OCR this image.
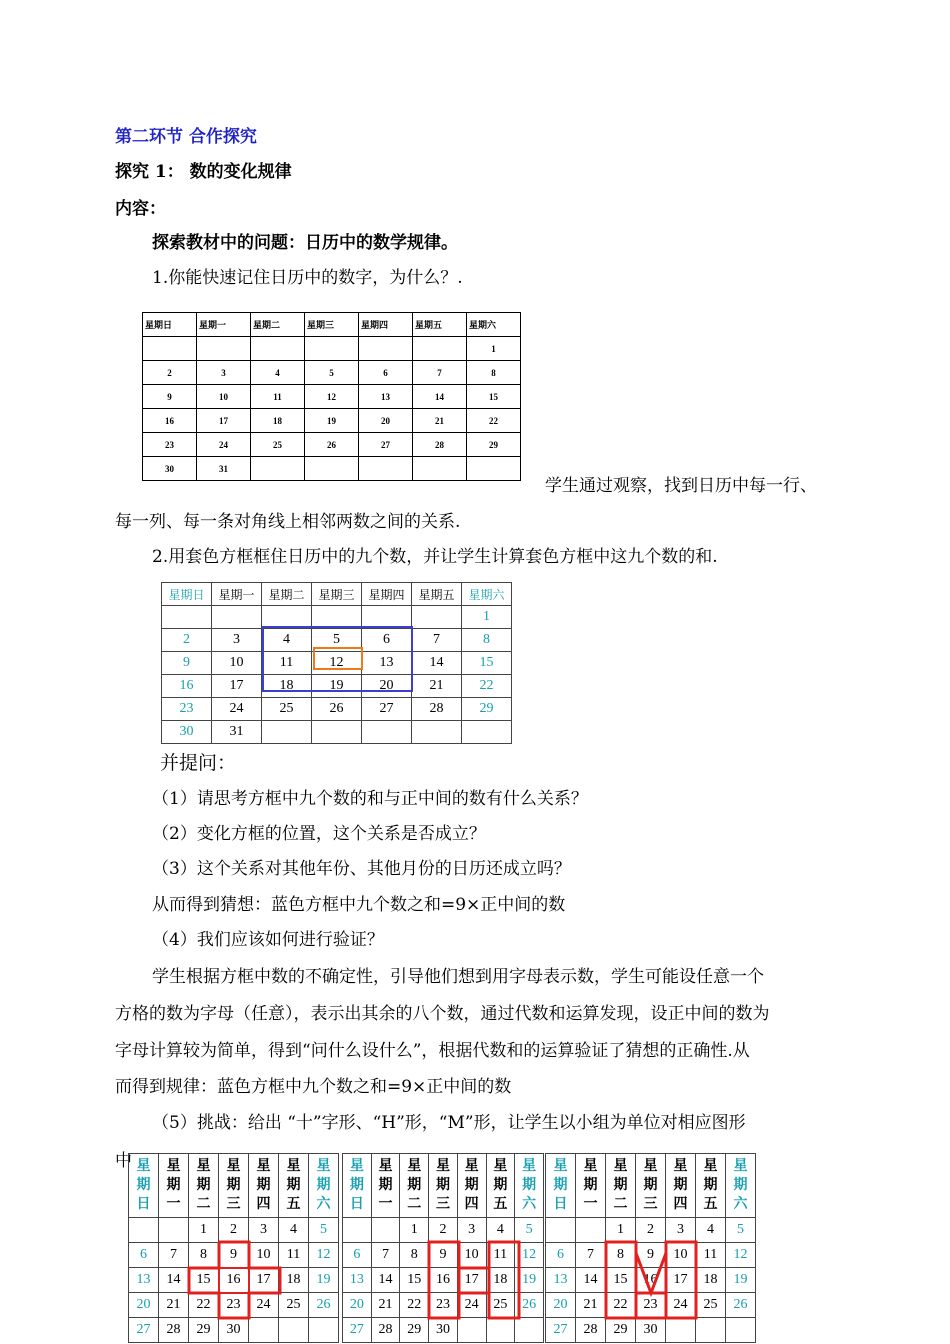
第二环节 合作探究
探究 1： 数的变化规律
内容：
探索教材中的问题：日历中的数学规律。
1.你能快速记住日历中的数字，为什么？.
星期日	星期一	星期二	星期三	星期四	星期五	星期六
						1
2	3	4	5	6	7	8
9	10	11	12	13	14	15
16	17	18	19	20	21	22
23	24	25	26	27	28	29
30	31					
学生通过观察，找到日历中每一行、
每一列、每一条对角线上相邻两数之间的关系.
2.用套色方框框住日历中的九个数，并让学生计算套色方框中这九个数的和.
星期日	星期一	星期二	星期三	星期四	星期五	星期六
						1
2	3	4	5	6	7	8
9	10	11	12	13	14	15
16	17	18	19	20	21	22
23	24	25	26	27	28	29
30	31					
并提问：
（1）请思考方框中九个数的和与正中间的数有什么关系？
（2）变化方框的位置，这个关系是否成立？
（3）这个关系对其他年份、其他月份的日历还成立吗？
从而得到猜想：蓝色方框中九个数之和=9×正中间的数
（4）我们应该如何进行验证？
学生根据方框中数的不确定性，引导他们想到用字母表示数，学生可能设任意一个
方格的数为字母（任意），表示出其余的八个数，通过代数和运算发现，设正中间的数为
字母计算较为简单，得到“问什么设什么”，根据代数和的运算验证了猜想的正确性.从
而得到规律：蓝色方框中九个数之和=9×正中间的数
（5）挑战：给出 “十”字形、“H”形，“M”形，让学生以小组为单位对相应图形
中 星
期
日	星
期
一	星
期
二	星
期
三	星
期
四	星
期
五	星
期
六
		1	2	3	4	5
6	7	8	9	10	11	12
13	14	15	16	17	18	19
20	21	22	23	24	25	26
27	28	29	30			
星
期
日	星
期
一	星
期
二	星
期
三	星
期
四	星
期
五	星
期
六
		1	2	3	4	5
6	7	8	9	10	11	12
13	14	15	16	17	18	19
20	21	22	23	24	25	26
27	28	29	30			
星
期
日	星
期
一	星
期
二	星
期
三	星
期
四	星
期
五	星
期
六
		1	2	3	4	5
6	7	8	9	10	11	12
13	14	15	16	17	18	19
20	21	22	23	24	25	26
27	28	29	30			
